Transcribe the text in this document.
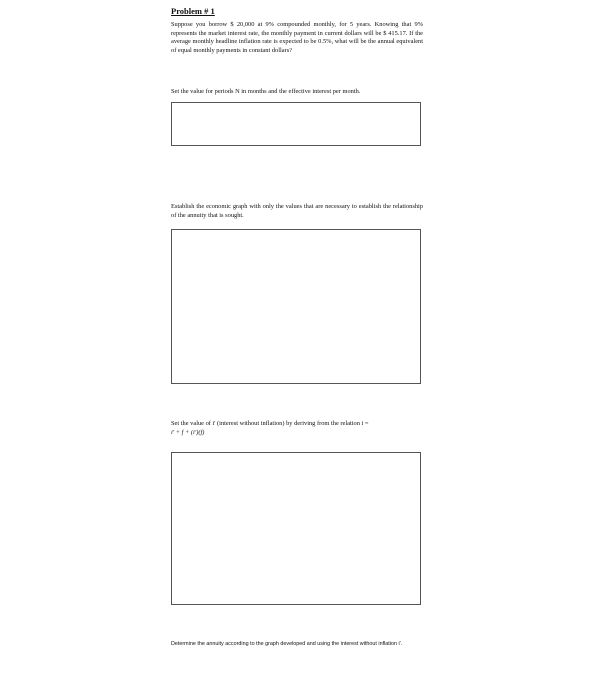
Problem # 1
Suppose you borrow $ 20,000 at 9% compounded monthly, for 5 years. Knowing that 9% represents the market interest rate, the monthly payment in current dollars will be $ 415.17. If the average monthly headline inflation rate is expected to be 0.5%, what will be the annual equivalent of equal monthly payments in constant dollars?
Set the value for periods N in months and the effective interest per month.
Establish the economic graph with only the values that are necessary to establish the relationship of the annuity that is sought.
Set the value of i' (interest without inflation) by deriving from the relation i =
i' + f + (i')(f)
Determine the annuity according to the graph developed and using the interest without inflation i'.
